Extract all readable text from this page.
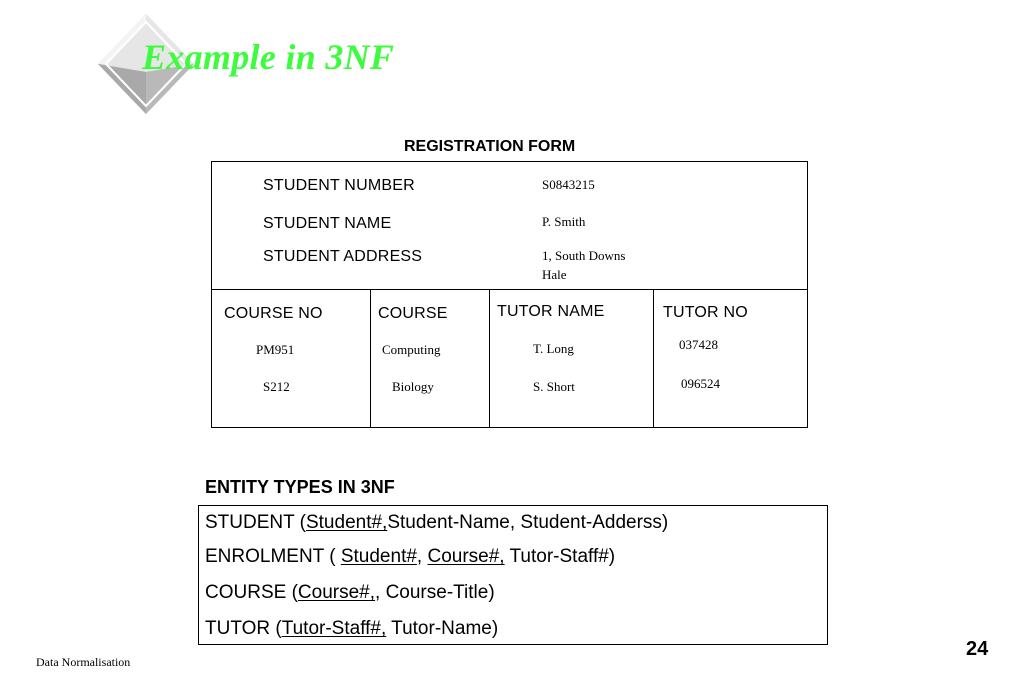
Example in 3NF
REGISTRATION FORM
STUDENT NUMBER	S0843215
STUDENT NAME	P. Smith
STUDENT ADDRESS	1, South Downs
Hale
COURSE NO	COURSE	TUTOR NAME	TUTOR NO
PM951	Computing	T. Long	037428
S212	Biology	S. Short	096524
ENTITY TYPES IN 3NF
STUDENT (Student#,Student-Name, Student-Adderss)
ENROLMENT ( Student#, Course#, Tutor-Staff#)
COURSE (Course#,, Course-Title)
TUTOR (Tutor-Staff#, Tutor-Name)
Data Normalisation
24
